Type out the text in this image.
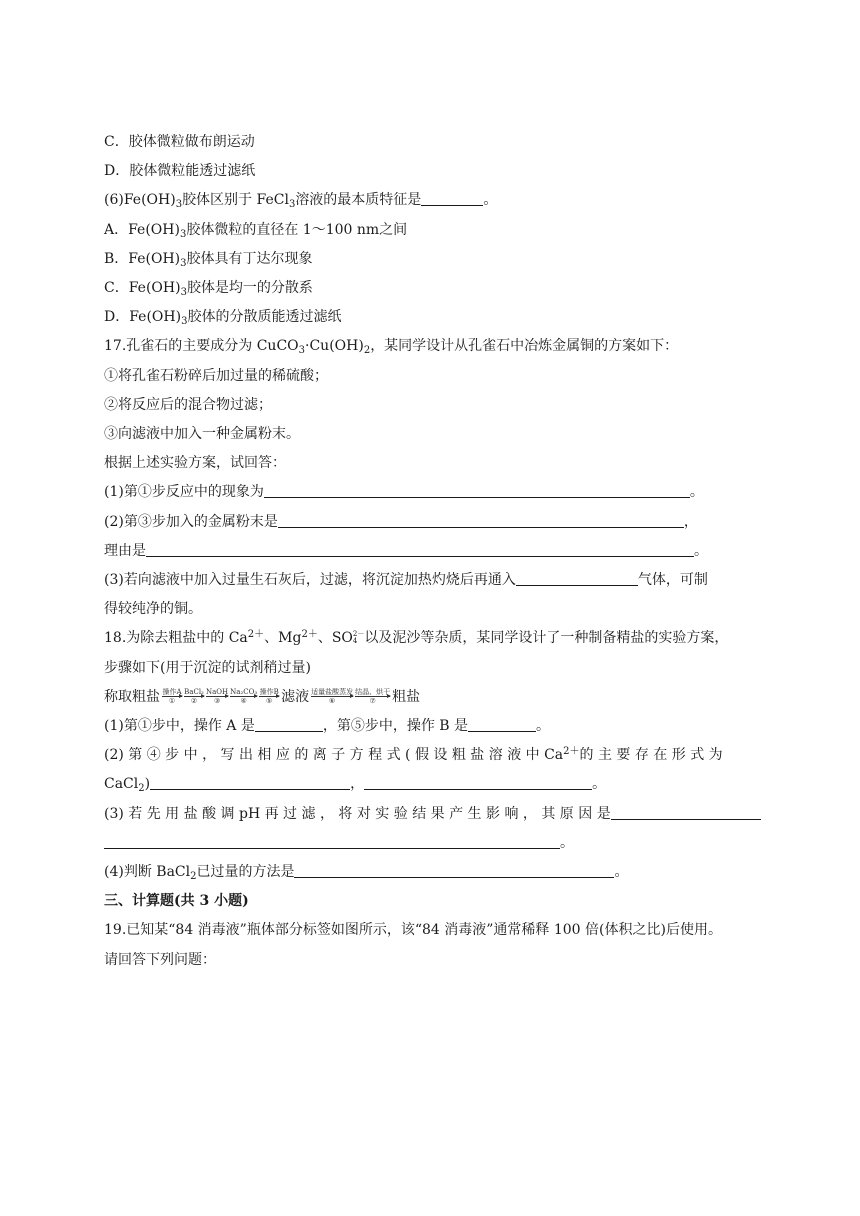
C．胶体微粒做布朗运动
D．胶体微粒能透过滤纸
$(6)Fe(OH)_3$胶体区别于 FeCl$_3$溶液的最本质特征是	。
A．$Fe(OH)_3$胶体微粒的直径在 1～100 nm之间
B．$Fe(OH)_3$胶体具有丁达尔现象
C．$Fe(OH)_3$胶体是均一的分散系
D．$Fe(OH)_3$胶体的分散质能透过滤纸
17.孔雀石的主要成分为 $CuCO_3\cdot Cu(OH)_2$，某同学设计从孔雀石中冶炼金属铜的方案如下：
①将孔雀石粉碎后加过量的稀硫酸；
②将反应后的混合物过滤；
③向滤液中加入一种金属粉末。
根据上述实验方案，试回答：
(1)第①步反应中的现象为	。
(2)第③步加入的金属粉末是	，
理由是	。
(3)若向滤液中加入过量生石灰后，过滤，将沉淀加热灼烧后再通入	气体，可制
得较纯净的铜。
18.为除去粗盐中的 $Ca^{2+}$、$Mg^{2+}$、SO 2－
4 以及泥沙等杂质，某同学设计了一种制备精盐的实验方案，
步骤如下(用于沉淀的试剂稍过量)
称取粗盐 操作A
①
BaCl₂
②
NaOH
③
Na₂CO₃
④
操作B
⑤ 滤液 适量盐酸蒸发
⑥
结晶、烘干
⑦ 粗盐
(1)第①步中，操作 A 是	，第⑤步中，操作 B 是	。
(2) 第 ④ 步 中 ， 写 出 相 应 的 离 子 方 程 式 ( 假 设 粗 盐 溶 液 中 $Ca^{2+}$的 主 要 存 在 形 式 为
CaCl$_2$)	，	。
(3) 若 先 用 盐 酸 调 pH 再 过 滤 ， 将 对 实 验 结 果 产 生 影 响 ， 其 原 因 是
。
(4)判断 BaCl$_2$已过量的方法是	。
三、计算题(共 3 小题)
19.已知某“84 消毒液”瓶体部分标签如图所示，该“84 消毒液”通常稀释 100 倍(体积之比)后使用。
请回答下列问题：
